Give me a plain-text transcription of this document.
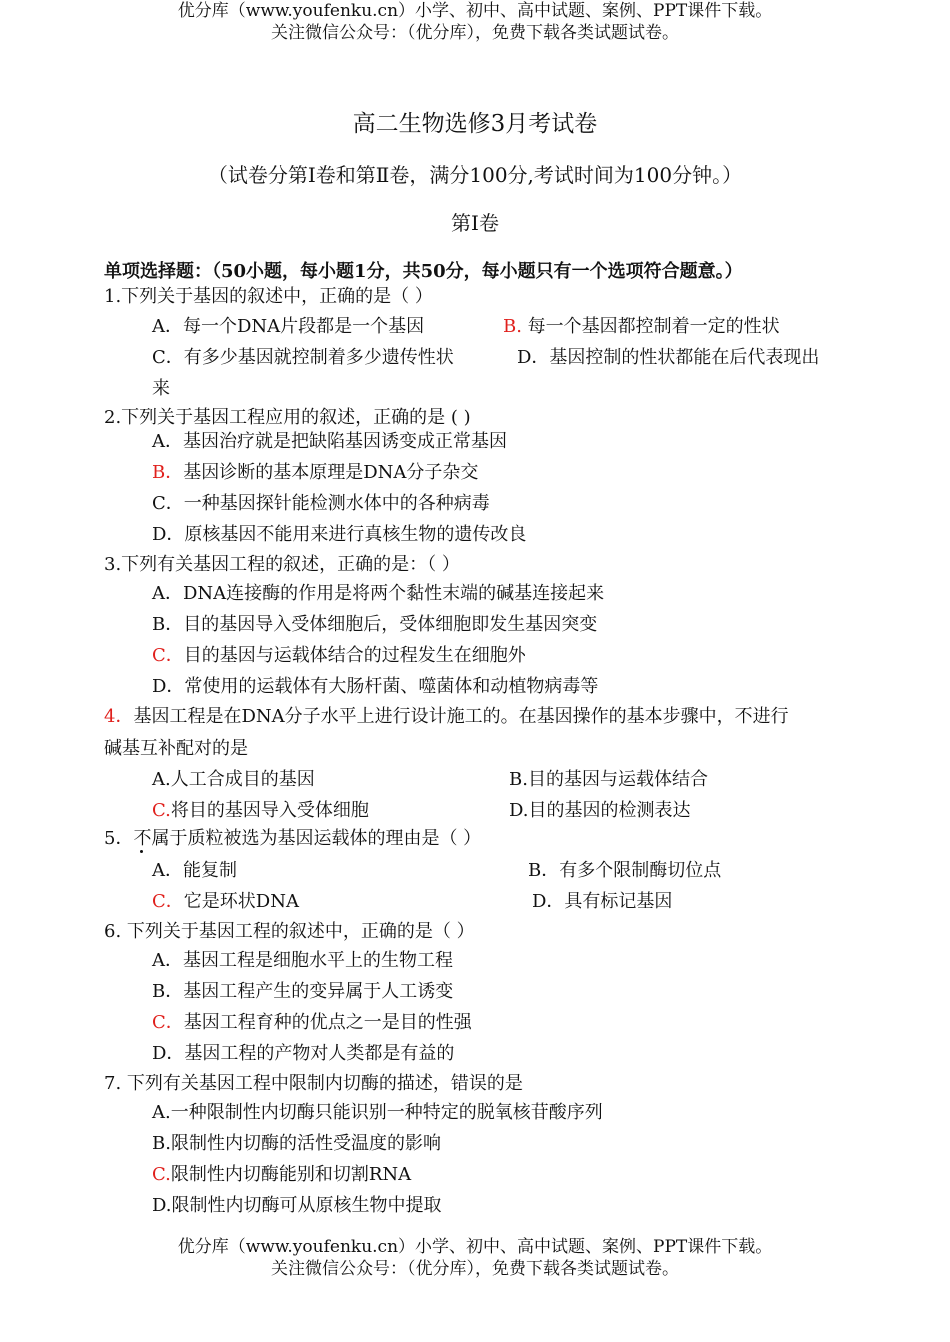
优分库（www.youfenku.cn）小学、初中、高中试题、案例、PPT课件下载。
关注微信公众号：（优分库），免费下载各类试题试卷。
高二生物选修3月考试卷
（试卷分第Ⅰ卷和第Ⅱ卷，满分100分,考试时间为100分钟。）
第Ⅰ卷
单项选择题：（50小题，每小题1分，共50分，每小题只有一个选项符合题意。）
1.下列关于基因的叙述中，正确的是（ ）
A．每一个DNA片段都是一个基因	B. 每一个基因都控制着一定的性状
C．有多少基因就控制着多少遗传性状	D．基因控制的性状都能在后代表现出
来
2.下列关于基因工程应用的叙述，正确的是 ( )
A．基因治疗就是把缺陷基因诱变成正常基因
B．基因诊断的基本原理是DNA分子杂交
C．一种基因探针能检测水体中的各种病毒
D．原核基因不能用来进行真核生物的遗传改良
3.下列有关基因工程的叙述，正确的是：（ ）
A．DNA连接酶的作用是将两个黏性末端的碱基连接起来
B．目的基因导入受体细胞后，受体细胞即发生基因突变
C．目的基因与运载体结合的过程发生在细胞外
D．常使用的运载体有大肠杆菌、噬菌体和动植物病毒等
4．基因工程是在DNA分子水平上进行设计施工的。在基因操作的基本步骤中，不进行
碱基互补配对的是
A.人工合成目的基因	B.目的基因与运载体结合
C.将目的基因导入受体细胞	D.目的基因的检测表达
5．不属于质粒被选为基因运载体的理由是（ ）
A．能复制	B．有多个限制酶切位点
C．它是环状DNA	D．具有标记基因
6. 下列关于基因工程的叙述中，正确的是（ ）
A．基因工程是细胞水平上的生物工程
B．基因工程产生的变异属于人工诱变
C．基因工程育种的优点之一是目的性强
D．基因工程的产物对人类都是有益的
7. 下列有关基因工程中限制内切酶的描述，错误的是
A.一种限制性内切酶只能识别一种特定的脱氧核苷酸序列
B.限制性内切酶的活性受温度的影响
C.限制性内切酶能别和切割RNA
D.限制性内切酶可从原核生物中提取
优分库（www.youfenku.cn）小学、初中、高中试题、案例、PPT课件下载。
关注微信公众号：（优分库），免费下载各类试题试卷。
